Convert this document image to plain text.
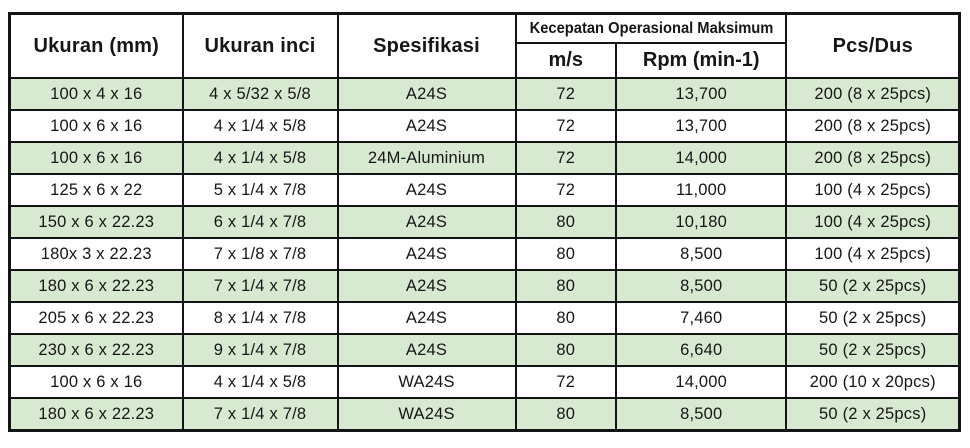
Ukuran (mm)	Ukuran inci	Spesifikasi	Kecepatan Operasional Maksimum		Pcs/Dus
			m/s	Rpm (min-1)	
100 x 4 x 16	4 x 5/32 x 5/8	A24S	72	13,700	200 (8 x 25pcs)
100 x 6 x 16	4 x 1/4 x 5/8	A24S	72	13,700	200 (8 x 25pcs)
100 x 6 x 16	4 x 1/4 x 5/8	24M-Aluminium	72	14,000	200 (8 x 25pcs)
125 x 6 x 22	5 x 1/4 x 7/8	A24S	72	11,000	100 (4 x 25pcs)
150 x 6 x 22.23	6 x 1/4 x 7/8	A24S	80	10,180	100 (4 x 25pcs)
180x 3 x 22.23	7 x 1/8 x 7/8	A24S	80	8,500	100 (4 x 25pcs)
180 x 6 x 22.23	7 x 1/4 x 7/8	A24S	80	8,500	50 (2 x 25pcs)
205 x 6 x 22.23	8 x 1/4 x 7/8	A24S	80	7,460	50 (2 x 25pcs)
230 x 6 x 22.23	9 x 1/4 x 7/8	A24S	80	6,640	50 (2 x 25pcs)
100 x 6 x 16	4 x 1/4 x 5/8	WA24S	72	14,000	200 (10 x 20pcs)
180 x 6 x 22.23	7 x 1/4 x 7/8	WA24S	80	8,500	50 (2 x 25pcs)
